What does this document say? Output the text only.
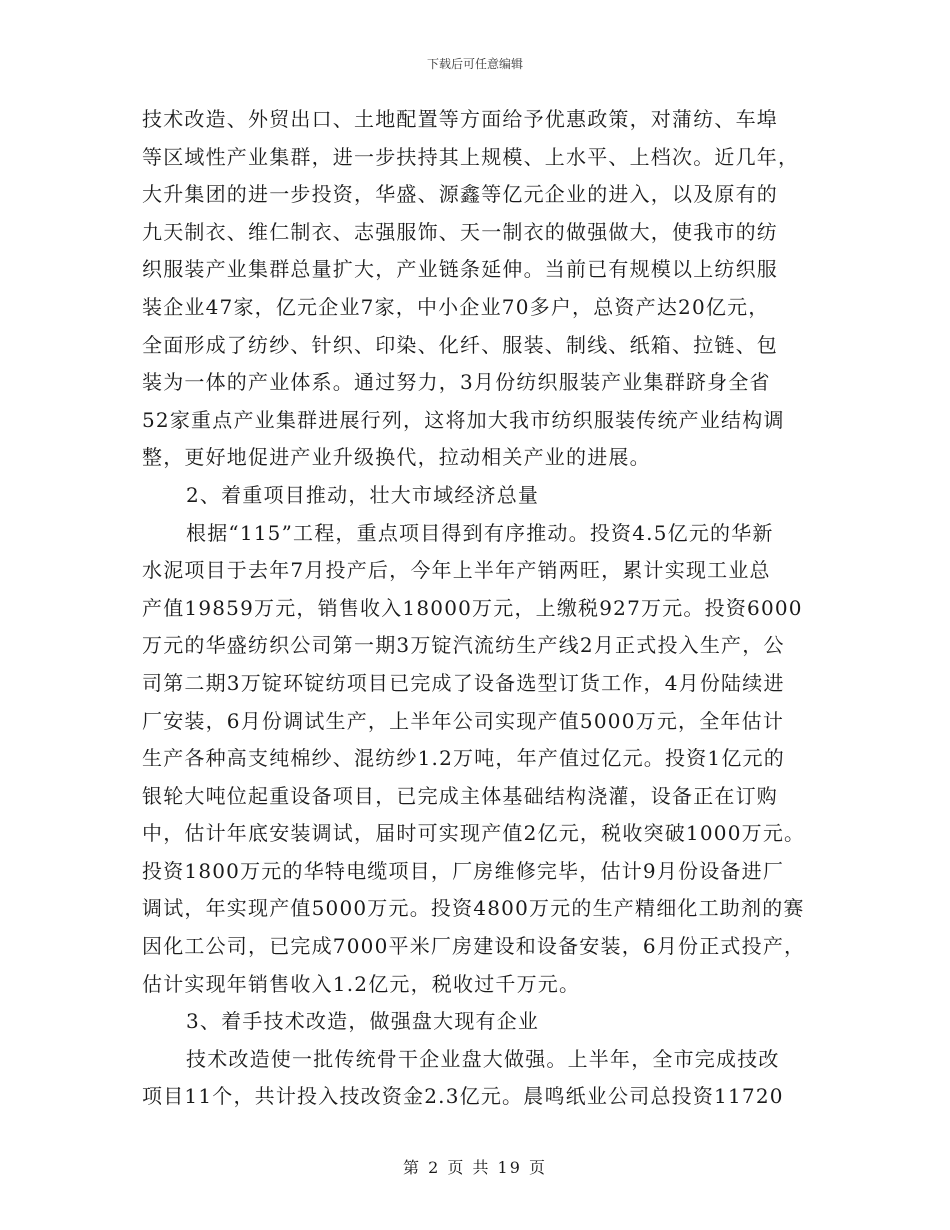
下载后可任意编辑
技术改造、外贸出口、土地配置等方面给予优惠政策，对蒲纺、车埠
等区域性产业集群，进一步扶持其上规模、上水平、上档次。近几年，
大升集团的进一步投资，华盛、源鑫等亿元企业的进入，以及原有的
九天制衣、维仁制衣、志强服饰、天一制衣的做强做大，使我市的纺
织服装产业集群总量扩大，产业链条延伸。当前已有规模以上纺织服
装企业47家，亿元企业7家，中小企业70多户，总资产达20亿元，
全面形成了纺纱、针织、印染、化纤、服装、制线、纸箱、拉链、包
装为一体的产业体系。通过努力，3月份纺织服装产业集群跻身全省
52家重点产业集群进展行列，这将加大我市纺织服装传统产业结构调
整，更好地促进产业升级换代，拉动相关产业的进展。
2、着重项目推动，壮大市域经济总量
根据“115”工程，重点项目得到有序推动。投资4.5亿元的华新
水泥项目于去年7月投产后，今年上半年产销两旺，累计实现工业总
产值19859万元，销售收入18000万元，上缴税927万元。投资6000
万元的华盛纺织公司第一期3万锭汽流纺生产线2月正式投入生产，公
司第二期3万锭环锭纺项目已完成了设备选型订货工作，4月份陆续进
厂安装，6月份调试生产，上半年公司实现产值5000万元，全年估计
生产各种高支纯棉纱、混纺纱1.2万吨，年产值过亿元。投资1亿元的
银轮大吨位起重设备项目，已完成主体基础结构浇灌，设备正在订购
中，估计年底安装调试，届时可实现产值2亿元，税收突破1000万元。
投资1800万元的华特电缆项目，厂房维修完毕，估计9月份设备进厂
调试，年实现产值5000万元。投资4800万元的生产精细化工助剂的赛
因化工公司，已完成7000平米厂房建设和设备安装，6月份正式投产，
估计实现年销售收入1.2亿元，税收过千万元。
3、着手技术改造，做强盘大现有企业
技术改造使一批传统骨干企业盘大做强。上半年，全市完成技改
项目11个，共计投入技改资金2.3亿元。晨鸣纸业公司总投资11720
第 2 页 共 19 页
